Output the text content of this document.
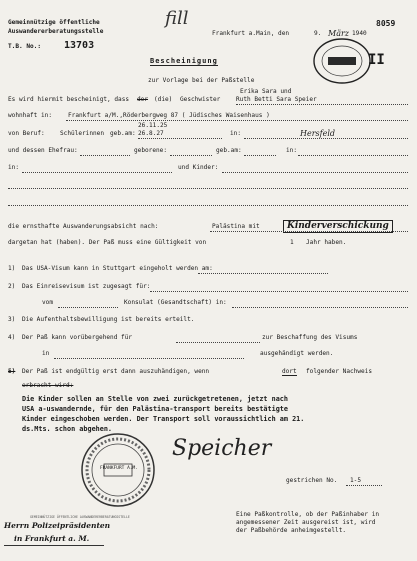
Gemeinnützige öffentliche
Auswandererberatungsstelle
T.B. No.: 13703
fill
Frankfurt a.Main, den	9. März 1940
8059
II
Bescheinigung
zur Vorlage bei der Paßstelle
Erika Sara und
Es wird hiermit bescheinigt, dass der (die) Geschwister	Ruth Betti Sara Speier
wohnhaft in:	Frankfurt a/M.,Röderbergweg 87 ( Jüdisches Waisenhaus )
26.11.25
von Beruf:	Schülerinnen geb.am: 26.8.27	in:	Hersfeld
und dessen Ehefrau:	geborene:	geb.am:	in:
in:	und Kinder:
die ernsthafte Auswanderungsabsicht nach:	Palästina mit	Kinderverschickung
dargetan hat (haben). Der Paß muss eine Gültigkeit von	1 Jahr haben.
1) Das USA-Visum kann in Stuttgart eingeholt werden am:
2) Das Einreisevisum ist zugesagt für:
vom	Konsulat (Gesandtschaft) in:
3) Die Aufenthaltsbewilligung ist bereits erteilt.
4) Der Paß kann vorübergehend für	zur Beschaffung des Visums
in	ausgehändigt werden.
5) Der Paß ist endgültig erst dann auszuhändigen, wenn	dort folgender Nachweis
erbracht wird:
Die Kinder sollen an Stelle von zwei zurückgetretenen, jetzt nach
USA a-uswandernde, für den Palästina-transport bereits bestätigte
Kinder eingeschoben werden. Der Transport soll voraussichtlich am 21.
ds.Mts. schon abgehen.
FRANKFURT A.M.
GEMEINNÜTZIGE ÖFFENTLICHE AUSWANDERERBERATUNGSSTELLE
Speicher
gestrichen No. 1-5
Herrn Polizeipräsidenten
in Frankfurt a. M.
Eine Paßkontrolle, ob der Paßinhaber in
angemessener Zeit ausgereist ist, wird
der Paßbehörde anheimgestellt.
